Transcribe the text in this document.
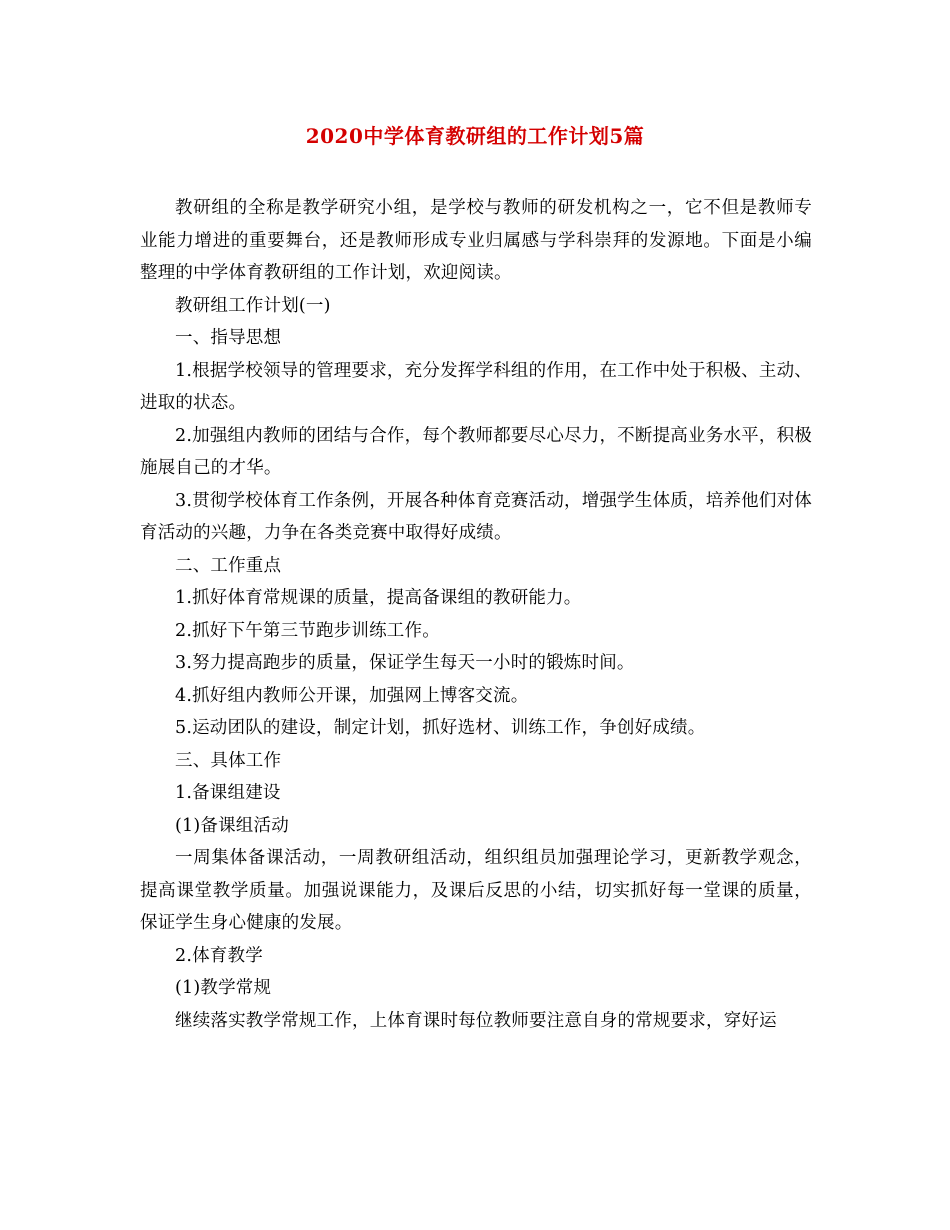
2020中学体育教研组的工作计划5篇

教研组的全称是教学研究小组，是学校与教师的研发机构之一，它不但是教师专业能力增进的重要舞台，还是教师形成专业归属感与学科崇拜的发源地。下面是小编整理的中学体育教研组的工作计划，欢迎阅读。

教研组工作计划(一)

一、指导思想

1.根据学校领导的管理要求，充分发挥学科组的作用，在工作中处于积极、主动、进取的状态。

2.加强组内教师的团结与合作，每个教师都要尽心尽力，不断提高业务水平，积极施展自己的才华。

3.贯彻学校体育工作条例，开展各种体育竞赛活动，增强学生体质，培养他们对体育活动的兴趣，力争在各类竞赛中取得好成绩。

二、工作重点

1.抓好体育常规课的质量，提高备课组的教研能力。

2.抓好下午第三节跑步训练工作。

3.努力提高跑步的质量，保证学生每天一小时的锻炼时间。

4.抓好组内教师公开课，加强网上博客交流。

5.运动团队的建设，制定计划，抓好选材、训练工作，争创好成绩。

三、具体工作

1.备课组建设

(1)备课组活动

一周集体备课活动，一周教研组活动，组织组员加强理论学习，更新教学观念，提高课堂教学质量。加强说课能力，及课后反思的小结，切实抓好每一堂课的质量，保证学生身心健康的发展。

2.体育教学

(1)教学常规

继续落实教学常规工作，上体育课时每位教师要注意自身的常规要求，穿好运
